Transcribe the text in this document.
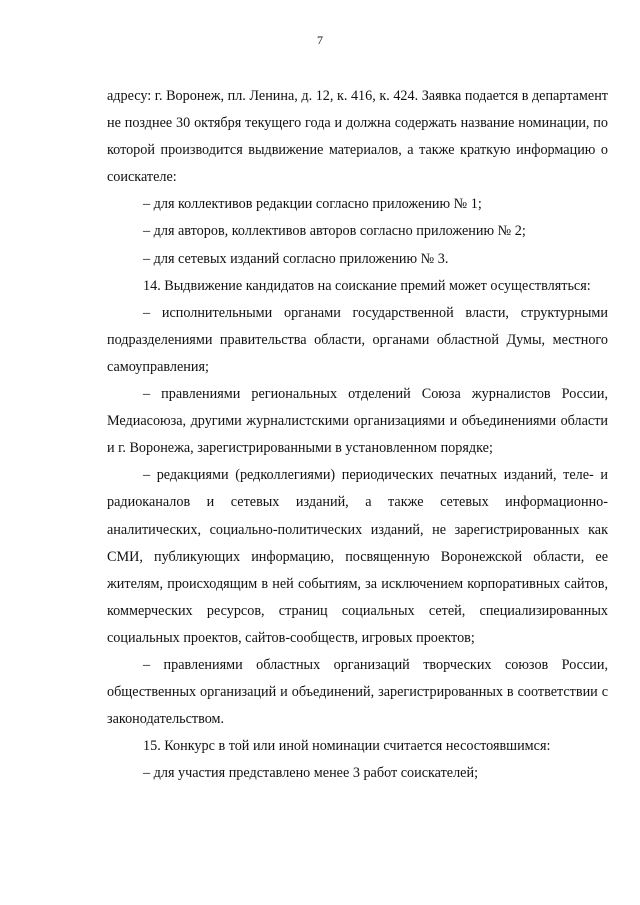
7

адресу: г. Воронеж, пл. Ленина, д. 12, к. 416, к. 424. Заявка подается в департамент не позднее 30 октября текущего года и должна содержать название номинации, по которой производится выдвижение материалов, а также краткую информацию о соискателе:

– для коллективов редакции согласно приложению № 1;

– для авторов, коллективов авторов согласно приложению № 2;

– для сетевых изданий согласно приложению № 3.

14. Выдвижение кандидатов на соискание премий может осуществляться:

– исполнительными органами государственной власти, структурными подразделениями правительства области, органами областной Думы, местного самоуправления;

– правлениями региональных отделений Союза журналистов России, Медиасоюза, другими журналистскими организациями и объединениями области и г. Воронежа, зарегистрированными в установленном порядке;

– редакциями (редколлегиями) периодических печатных изданий, теле- и радиоканалов и сетевых изданий, а также сетевых информационно-аналитических, социально-политических изданий, не зарегистрированных как СМИ, публикующих информацию, посвященную Воронежской области, ее жителям, происходящим в ней событиям, за исключением корпоративных сайтов, коммерческих ресурсов, страниц социальных сетей, специализированных социальных проектов, сайтов-сообществ, игровых проектов;

– правлениями областных организаций творческих союзов России, общественных организаций и объединений, зарегистрированных в соответствии с законодательством.

15. Конкурс в той или иной номинации считается несостоявшимся:

– для участия представлено менее 3 работ соискателей;
